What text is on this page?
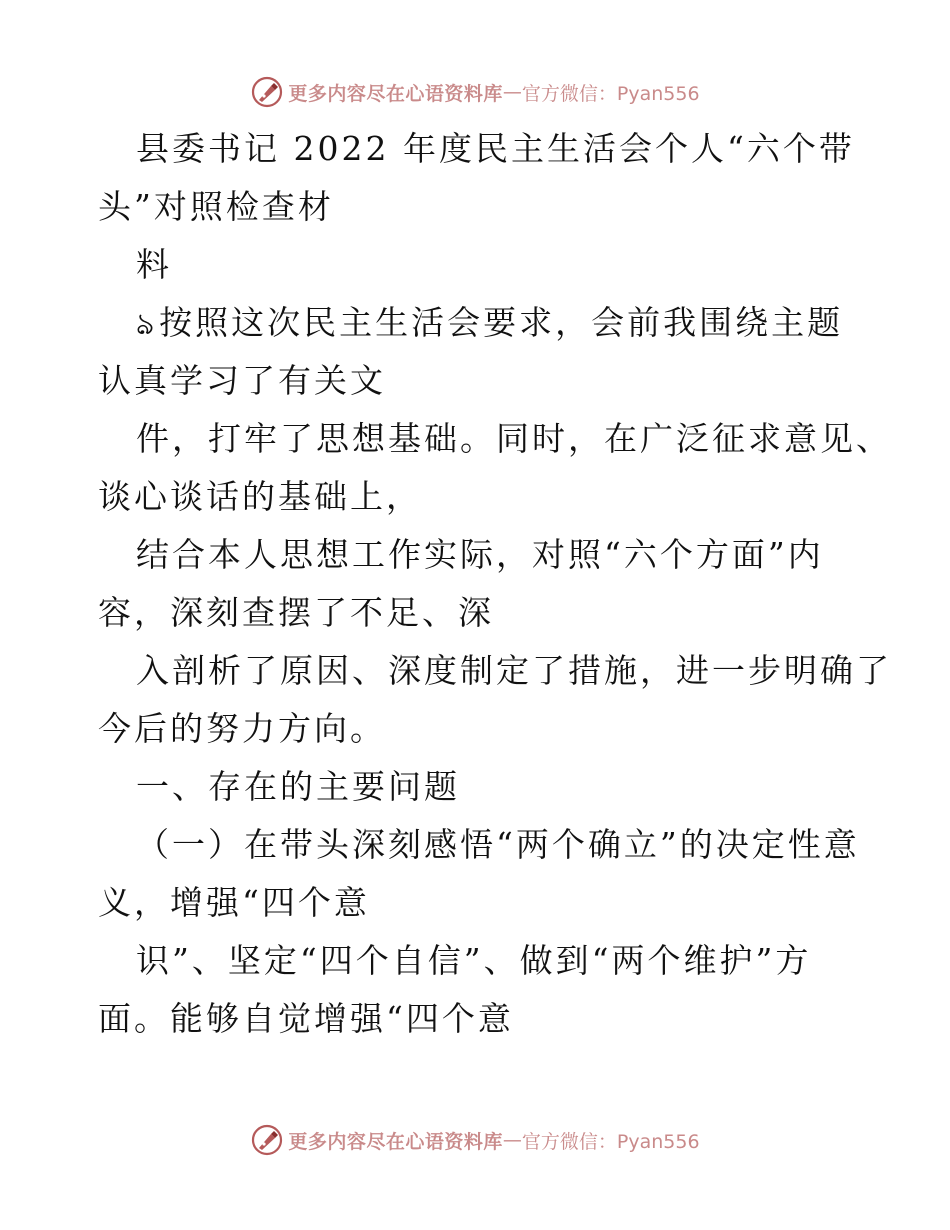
更多内容尽在心语资料库 — 官方微信：Pyan556
县委书记 2022 年度民主生活会个人“六个带
头”对照检查材
料
ঌ按照这次民主生活会要求，会前我围绕主题
认真学习了有关文
件，打牢了思想基础。同时，在广泛征求意见、
谈心谈话的基础上，
结合本人思想工作实际，对照“六个方面”内
容，深刻查摆了不足、深
入剖析了原因、深度制定了措施，进一步明确了
今后的努力方向。
一、存在的主要问题
（一）在带头深刻感悟“两个确立”的决定性意
义，增强“四个意
识”、坚定“四个自信”、做到“两个维护”方
面。能够自觉增强“四个意
更多内容尽在心语资料库 — 官方微信：Pyan556
